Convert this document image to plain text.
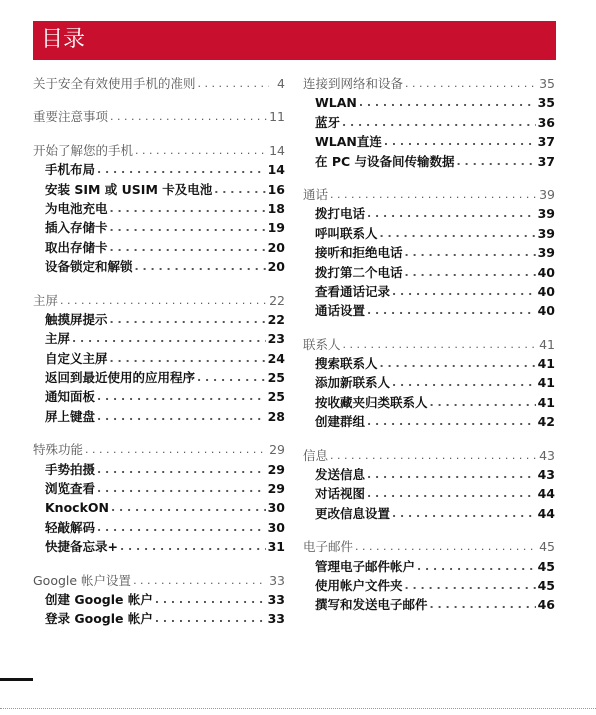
目录
关于安全有效使用手机的准则 . . .	4
重要注意事项 . . .	11
开始了解您的手机 . . .	14
手机布局 . . .	14
安装 SIM 或 USIM 卡及电池 . . .	16
为电池充电 . . .	18
插入存储卡 . . .	19
取出存储卡 . . .	20
设备锁定和解锁 . . .	20
主屏 . . .	22
触摸屏提示 . . .	22
主屏 . . .	23
自定义主屏 . . .	24
返回到最近使用的应用程序 . . .	25
通知面板 . . .	25
屏上键盘 . . .	28
特殊功能 . . .	29
手势拍摄 . . .	29
浏览查看 . . .	29
KnockON . . .	30
轻敲解码 . . .	30
快捷备忘录+ . . .	31
Google 帐户设置 . . .	33
创建 Google 帐户 . . .	33
登录 Google 帐户 . . .	33
连接到网络和设备 . . .	35
WLAN . . .	35
蓝牙 . . .	36
WLAN直连 . . .	37
在 PC 与设备间传输数据 . . .	37
通话 . . .	39
拨打电话 . . .	39
呼叫联系人 . . .	39
接听和拒绝电话 . . .	39
拨打第二个电话 . . .	40
查看通话记录 . . .	40
通话设置 . . .	40
联系人 . . .	41
搜索联系人 . . .	41
添加新联系人 . . .	41
按收藏夹归类联系人 . . .	41
创建群组 . . .	42
信息 . . .	43
发送信息 . . .	43
对话视图 . . .	44
更改信息设置 . . .	44
电子邮件 . . .	45
管理电子邮件帐户 . . .	45
使用帐户文件夹 . . .	45
撰写和发送电子邮件 . . .	46
